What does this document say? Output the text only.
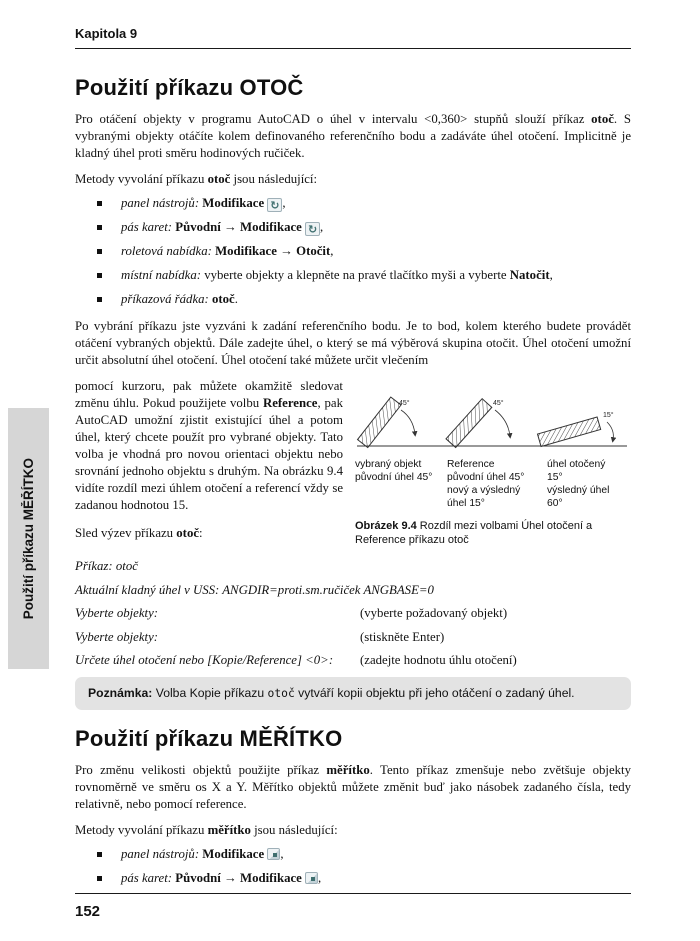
Kapitola 9
Použití příkazu OTOČ

Pro otáčení objekty v programu AutoCAD o úhel v intervalu <0,360> stupňů slouží příkaz otoč. S vybranými objekty otáčíte kolem definovaného referenčního bodu a zadáváte úhel otočení. Implicitně je kladný úhel proti směru hodinových ručiček.

Metody vyvolání příkazu otoč jsou následující:

panel nástrojů: Modifikace ↻,
pás karet: Původní → Modifikace ↻,
roletová nabídka: Modifikace → Otočit,
místní nabídka: vyberte objekty a klepněte na pravé tlačítko myši a vyberte Natočit,
příkazová řádka: otoč.

Po vybrání příkazu jste vyzváni k zadání referenčního bodu. Je to bod, kolem kterého budete provádět otáčení vybraných objektů. Dále zadejte úhel, o který se má výběrová skupina otočit. Úhel otočení umožní určit absolutní úhel otočení. Úhel otočení také můžete určit vlečením

pomocí kurzoru, pak můžete okamžitě sledovat změnu úhlu. Pokud použijete volbu Reference, pak AutoCAD umožní zjistit existující úhel a potom úhel, který chcete použít pro vybrané objekty. Tato volba je vhodná pro novou orientaci objektu nebo srovnání jednoho objektu s druhým. Na obrázku 9.4 vidíte rozdíl mezi úhlem otočení a referencí vždy se zadanou hodnotou 15.

Sled výzev příkazu otoč:

45°	45°
15°
vybraný objekt
původní úhel 45°
Reference
původní úhel 45°
nový a výsledný
úhel 15°
úhel otočený
15°
výsledný úhel
60°
Obrázek 9.4 Rozdíl mezi volbami Úhel otočení a Reference příkazu otoč
Příkaz: otoč
Aktuální kladný úhel v USS: ANGDIR=proti.sm.ručiček ANGBASE=0
Vyberte objekty:	(vyberte požadovaný objekt)
Vyberte objekty:	(stiskněte Enter)
Určete úhel otočení nebo [Kopie/Reference] <0>:	(zadejte hodnotu úhlu otočení)
Poznámka: Volba Kopie příkazu otoč vytváří kopii objektu při jeho otáčení o zadaný úhel.
Použití příkazu MĚŘÍTKO

Pro změnu velikosti objektů použijte příkaz měřítko. Tento příkaz zmenšuje nebo zvětšuje objekty rovnoměrně ve směru os X a Y. Měřítko objektů můžete změnit buď jako násobek zadaného čísla, tedy relativně, nebo pomocí reference.

Metody vyvolání příkazu měřítko jsou následující:

panel nástrojů: Modifikace ,
pás karet: Původní → Modifikace ,
Použití příkazu MĚŘÍTKO
152
